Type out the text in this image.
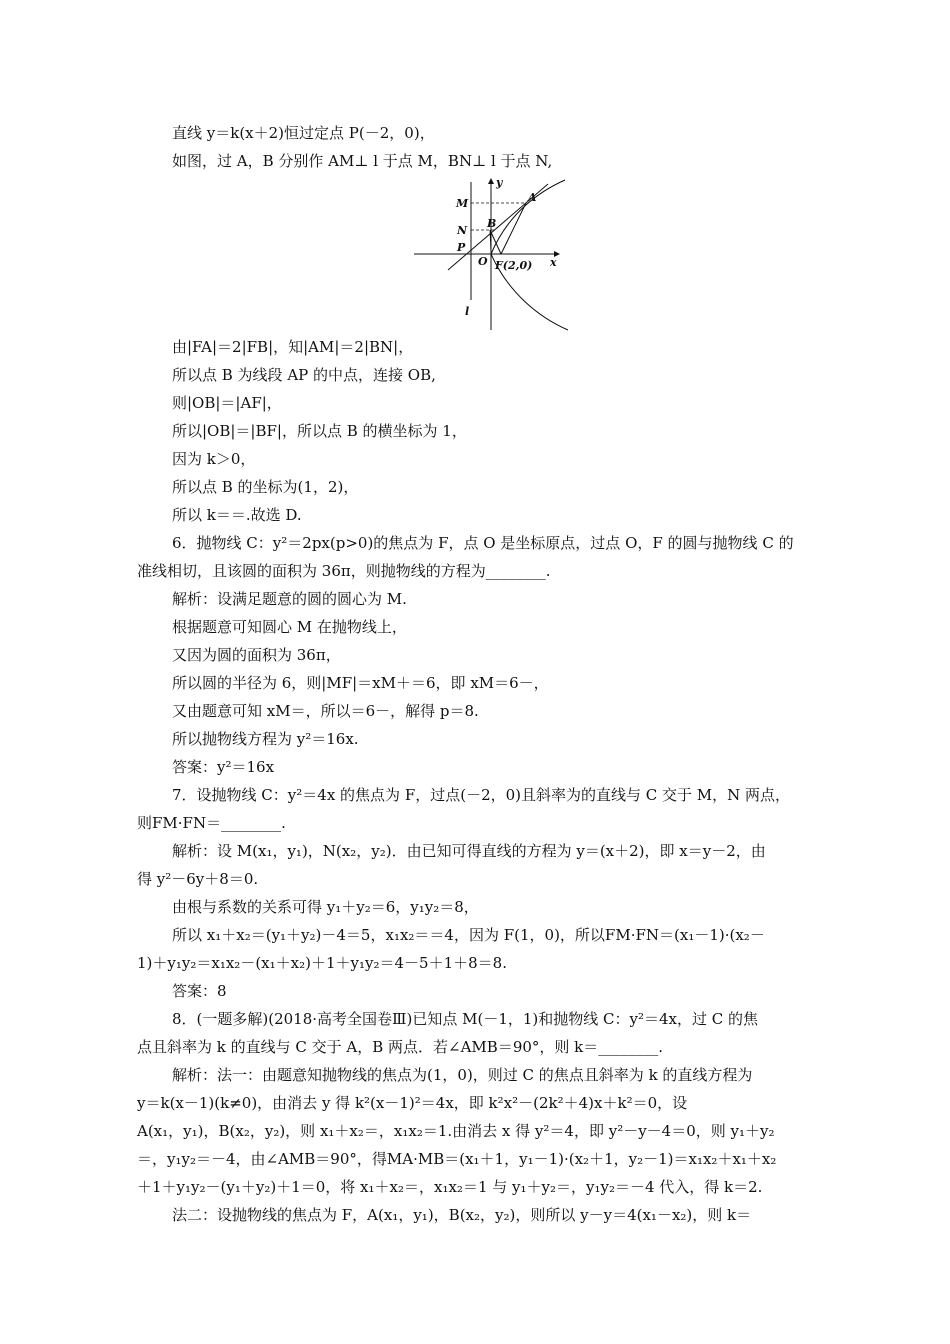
直线 y＝k(x＋2)恒过定点 P(－2，0)，
如图，过 A，B 分别作 AM⊥ l 于点 M，BN⊥ l 于点 N,
y
x
A
M
B
N
P
O F(2,0)
l
由|FA|＝2|FB|，知|AM|＝2|BN|，
所以点 B 为线段 AP 的中点，连接 OB,
则|OB|＝|AF|，
所以|OB|＝|BF|，所以点 B 的横坐标为 1，
因为 k＞0，
所以点 B 的坐标为(1，2)，
所以 k＝＝.故选 D.
6．抛物线 C：y²＝2px(p>0)的焦点为 F，点 O 是坐标原点，过点 O，F 的圆与抛物线 C 的
准线相切，且该圆的面积为 36π，则抛物线的方程为________.
解析：设满足题意的圆的圆心为 M.
根据题意可知圆心 M 在抛物线上，
又因为圆的面积为 36π，
所以圆的半径为 6，则|MF|＝xM＋＝6，即 xM＝6－，
又由题意可知 xM＝，所以＝6－，解得 p＝8.
所以抛物线方程为 y²＝16x.
答案：y²＝16x
7．设抛物线 C：y²＝4x 的焦点为 F，过点(－2，0)且斜率为的直线与 C 交于 M，N 两点，
则FM·FN＝________.
解析：设 M(x₁，y₁)，N(x₂，y₂)．由已知可得直线的方程为 y＝(x＋2)，即 x＝y－2，由
得 y²－6y＋8＝0.
由根与系数的关系可得 y₁＋y₂＝6，y₁y₂＝8，
所以 x₁＋x₂＝(y₁＋y₂)－4＝5，x₁x₂＝＝4，因为 F(1，0)，所以FM·FN＝(x₁－1)·(x₂－
1)＋y₁y₂＝x₁x₂－(x₁＋x₂)＋1＋y₁y₂＝4－5＋1＋8＝8.
答案：8
8．(一题多解)(2018·高考全国卷Ⅲ)已知点 M(－1，1)和抛物线 C：y²＝4x，过 C 的焦
点且斜率为 k 的直线与 C 交于 A，B 两点．若∠AMB＝90°，则 k＝________.
解析：法一：由题意知抛物线的焦点为(1，0)，则过 C 的焦点且斜率为 k 的直线方程为
y＝k(x－1)(k≠0)，由消去 y 得 k²(x－1)²＝4x，即 k²x²－(2k²＋4)x＋k²＝0，设
A(x₁，y₁)，B(x₂，y₂)，则 x₁＋x₂＝，x₁x₂＝1.由消去 x 得 y²＝4，即 y²－y－4＝0，则 y₁＋y₂
＝，y₁y₂＝－4，由∠AMB＝90°，得MA·MB＝(x₁＋1，y₁－1)·(x₂＋1，y₂－1)＝x₁x₂＋x₁＋x₂
＋1＋y₁y₂－(y₁＋y₂)＋1＝0，将 x₁＋x₂＝，x₁x₂＝1 与 y₁＋y₂＝，y₁y₂＝－4 代入，得 k＝2.
法二：设抛物线的焦点为 F，A(x₁，y₁)，B(x₂，y₂)，则所以 y－y＝4(x₁－x₂)，则 k＝
